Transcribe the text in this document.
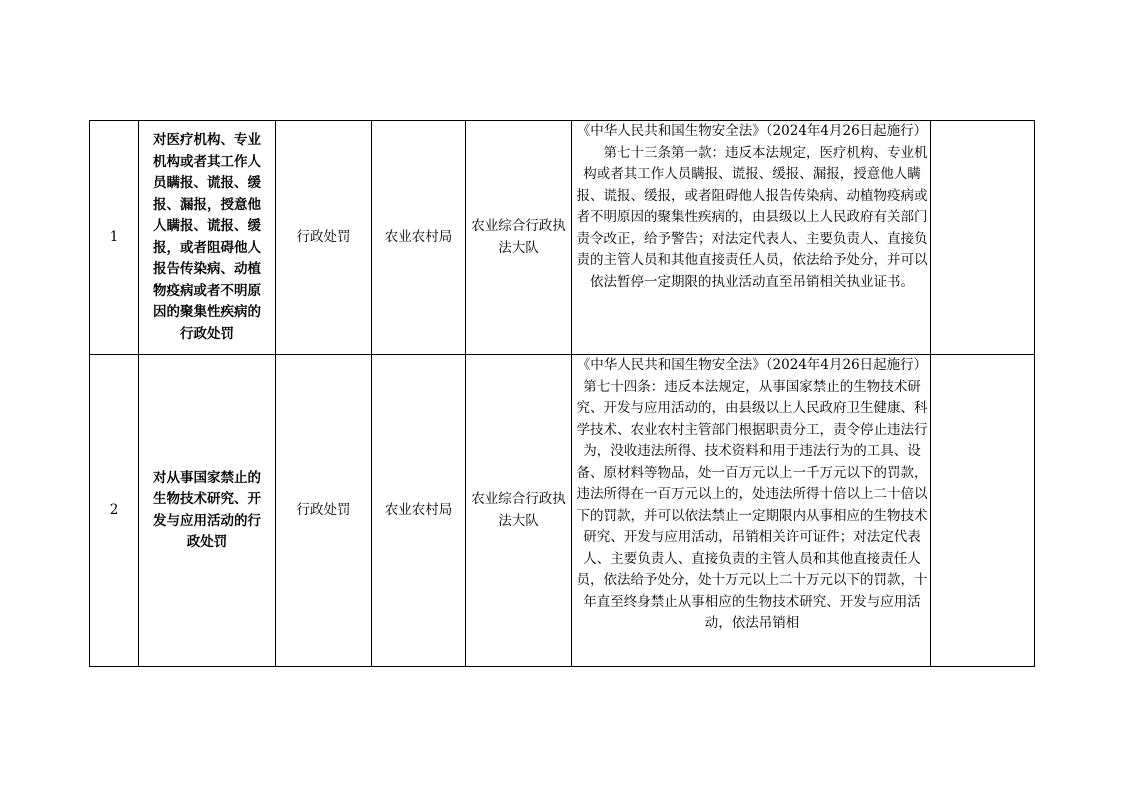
1	对医疗机构、专业机构或者其工作人员瞒报、谎报、缓报、漏报，授意他人瞒报、谎报、缓报，或者阻碍他人报告传染病、动植物疫病或者不明原因的聚集性疾病的行政处罚	行政处罚	农业农村局	农业综合行政执法大队	《中华人民共和国生物安全法》（2024年4月26日起施行）

第七十三条第一款：违反本法规定，医疗机构、专业机构或者其工作人员瞒报、谎报、缓报、漏报，授意他人瞒报、谎报、缓报，或者阻碍他人报告传染病、动植物疫病或者不明原因的聚集性疾病的，由县级以上人民政府有关部门责令改正，给予警告；对法定代表人、主要负责人、直接负责的主管人员和其他直接责任人员，依法给予处分，并可以依法暂停一定期限的执业活动直至吊销相关执业证书。	

2	对从事国家禁止的生物技术研究、开发与应用活动的行政处罚	行政处罚	农业农村局	农业综合行政执法大队	《中华人民共和国生物安全法》（2024年4月26日起施行）

第七十四条：违反本法规定，从事国家禁止的生物技术研究、开发与应用活动的，由县级以上人民政府卫生健康、科学技术、农业农村主管部门根据职责分工，责令停止违法行为，没收违法所得、技术资料和用于违法行为的工具、设备、原材料等物品，处一百万元以上一千万元以下的罚款，违法所得在一百万元以上的，处违法所得十倍以上二十倍以下的罚款，并可以依法禁止一定期限内从事相应的生物技术研究、开发与应用活动，吊销相关许可证件；对法定代表人、主要负责人、直接负责的主管人员和其他直接责任人员，依法给予处分，处十万元以上二十万元以下的罚款，十年直至终身禁止从事相应的生物技术研究、开发与应用活动，依法吊销相	
